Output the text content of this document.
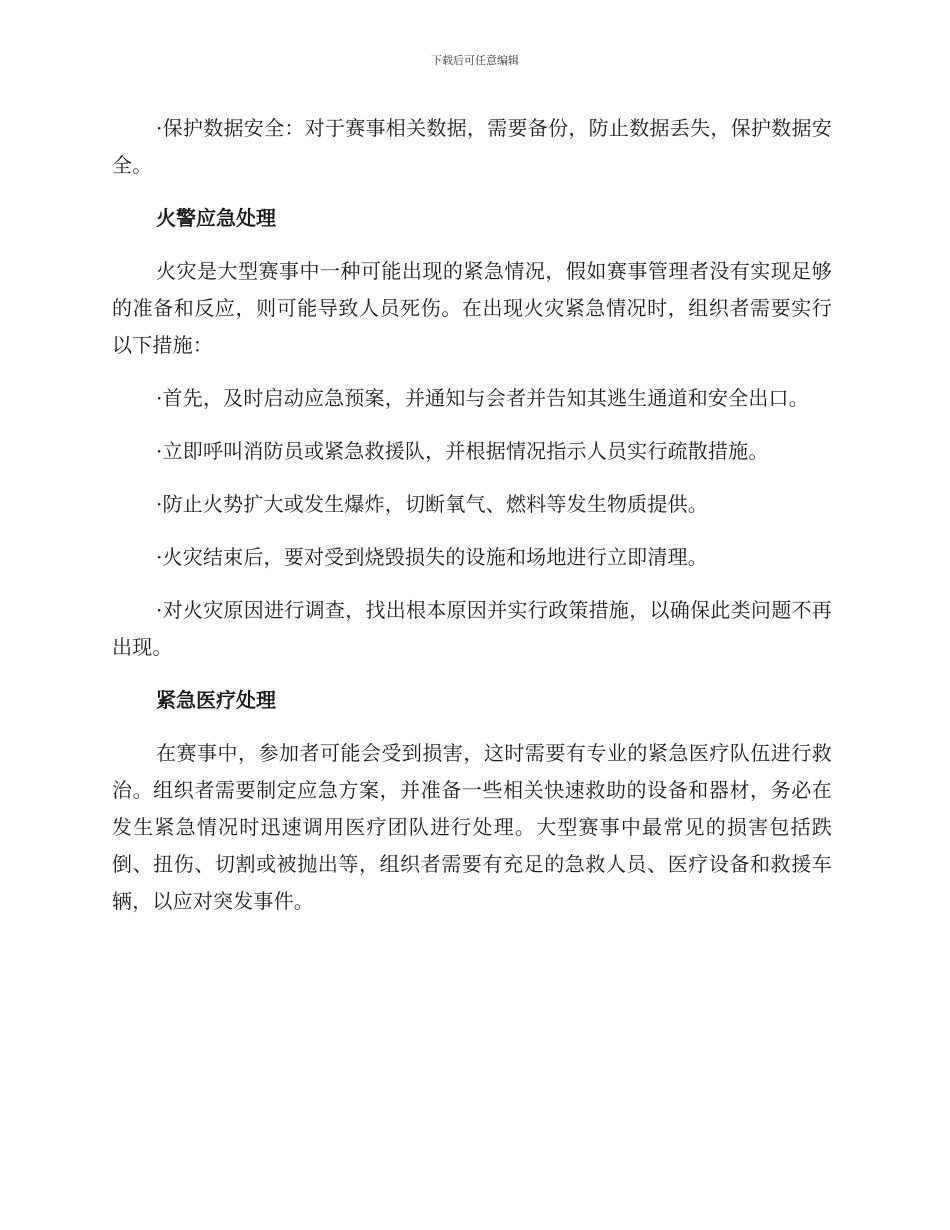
下载后可任意编辑

·保护数据安全：对于赛事相关数据，需要备份，防止数据丢失，保护数据安全。

火警应急处理

火灾是大型赛事中一种可能出现的紧急情况，假如赛事管理者没有实现足够的准备和反应，则可能导致人员死伤。在出现火灾紧急情况时，组织者需要实行以下措施：

·首先，及时启动应急预案，并通知与会者并告知其逃生通道和安全出口。

·立即呼叫消防员或紧急救援队，并根据情况指示人员实行疏散措施。

·防止火势扩大或发生爆炸，切断氧气、燃料等发生物质提供。

·火灾结束后，要对受到烧毁损失的设施和场地进行立即清理。

·对火灾原因进行调查，找出根本原因并实行政策措施，以确保此类问题不再出现。

紧急医疗处理

在赛事中，参加者可能会受到损害，这时需要有专业的紧急医疗队伍进行救治。组织者需要制定应急方案，并准备一些相关快速救助的设备和器材，务必在发生紧急情况时迅速调用医疗团队进行处理。大型赛事中最常见的损害包括跌倒、扭伤、切割或被抛出等，组织者需要有充足的急救人员、医疗设备和救援车辆，以应对突发事件。
